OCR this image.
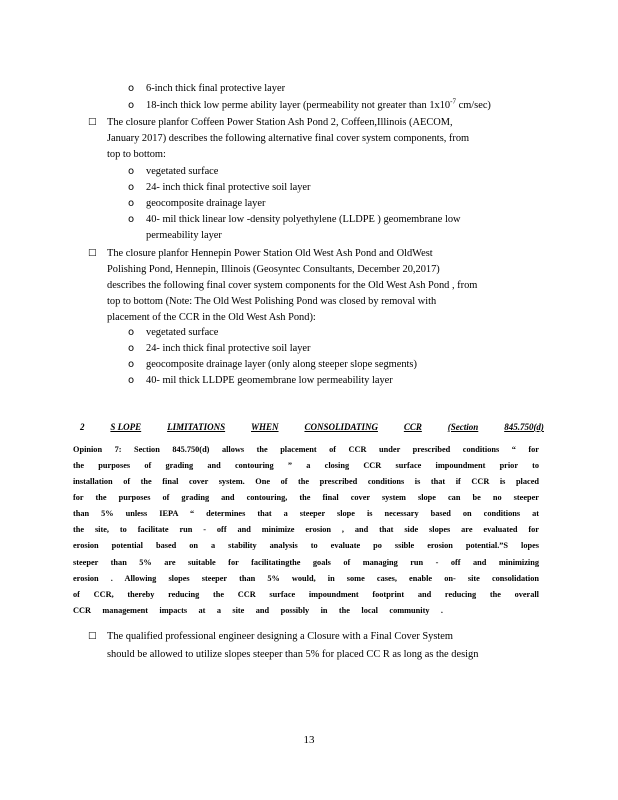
o 6-inch thick final protective layer
o 18-inch thick low perme ability layer (permeability not greater than $1x10^{-7}$ cm/sec)
□ The closure planfor Coffeen Power Station Ash Pond 2, Coffeen,Illinois (AECOM,
January 2017) describes the following alternative final cover system components, from
top to bottom:
o vegetated surface
o 24- inch thick final protective soil layer
o geocomposite drainage layer
o 40- mil thick linear low -density polyethylene (LLDPE ) geomembrane low
permeability layer
□ The closure planfor Hennepin Power Station Old West Ash Pond and OldWest
Polishing Pond, Hennepin, Illinois (Geosyntec Consultants, December 20,2017)
describes the following final cover system components for the Old West Ash Pond , from
top to bottom (Note: The Old West Polishing Pond was closed by removal with
placement of the CCR in the Old West Ash Pond):
o vegetated surface
o 24- inch thick final protective soil layer
o geocomposite drainage layer (only along steeper slope segments)
o 40- mil thick LLDPE geomembrane low permeability layer
2	S LOPE	LIMITATIONS	WHEN	CONSOLIDATING	CCR	(Section	845.750(d)
Opinion 7: Section 845.750(d) allows the placement of CCR under prescribed conditions “ for
the purposes of grading and contouring ” a closing CCR surface impoundment prior to
installation of the final cover system. One of the prescribed conditions is that if CCR is placed
for the purposes of grading and contouring, the final cover system slope can be no steeper
than 5% unless IEPA “ determines that a steeper slope is necessary based on conditions at
the site, to facilitate run - off and minimize erosion , and that side slopes are evaluated for
erosion potential based on a stability analysis to evaluate po ssible erosion potential.”S lopes
steeper than 5% are suitable for facilitatingthe goals of managing run - off and minimizing
erosion . Allowing slopes steeper than 5% would, in some cases, enable on- site consolidation
of CCR, thereby reducing the CCR surface impoundment footprint and reducing the overall
CCR management impacts at a site and possibly in the local community .
□ The qualified professional engineer designing a Closure with a Final Cover System
should be allowed to utilize slopes steeper than 5% for placed CC R as long as the design
13
